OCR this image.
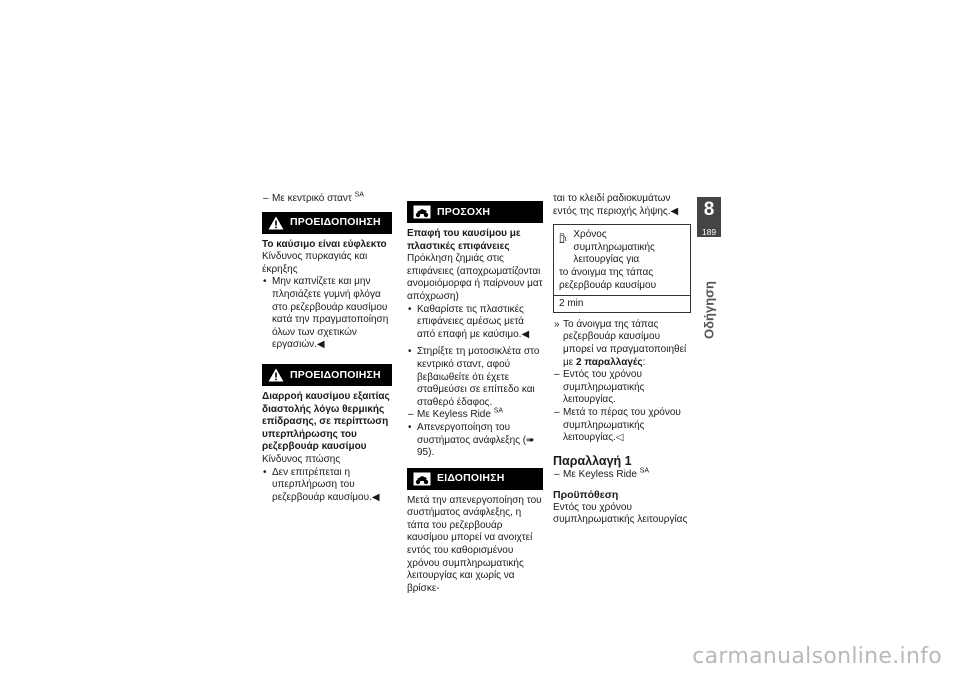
– Με κεντρικό σταντ $^{SA}$
ΠΡΟΕΙΔΟΠΟΙΗΣΗ

Το καύσιμο είναι εύφλεκτο

Κίνδυνος πυρκαγιάς και έκρηξης

• Μην καπνίζετε και μην πλησιάζετε γυμνή φλόγα στο ρεζερβουάρ καυσίμου κατά την πραγματοποίηση όλων των σχετικών εργασιών.◀
ΠΡΟΕΙΔΟΠΟΙΗΣΗ

Διαρροή καυσίμου εξαιτίας διαστολής λόγω θερμικής επίδρασης, σε περίπτωση υπερπλήρωσης του ρεζερβουάρ καυσίμου

Κίνδυνος πτώσης

• Δεν επιτρέπεται η υπερπλήρωση του ρεζερβουάρ καυσίμου.◀
ΠΡΟΣΟΧΗ

Επαφή του καυσίμου με πλαστικές επιφάνειες

Πρόκληση ζημιάς στις επιφάνειες (αποχρωματίζονται ανομοιόμορφα ή παίρνουν ματ απόχρωση)

• Καθαρίστε τις πλαστικές επιφάνειες αμέσως μετά από επαφή με καύσιμο.◀
• Στηρίξτε τη μοτοσικλέτα στο κεντρικό σταντ, αφού βεβαιωθείτε ότι έχετε σταθμεύσει σε επίπεδο και σταθερό έδαφος.
– Με Keyless Ride $^{SA}$
• Απενεργοποίηση του συστήματος ανάφλεξης (➠ 95).
ΕΙΔΟΠΟΙΗΣΗ

Μετά την απενεργοποίηση του συστήματος ανάφλεξης, η τάπα του ρεζερβουάρ καυσίμου μπορεί να ανοιχτεί εντός του καθορισμένου χρόνου συμπληρωματικής λειτουργίας και χωρίς να βρίσκε-

ται το κλειδί ραδιοκυμάτων εντός της περιοχής λήψης.◀

Χρόνος συμπληρωματικής λειτουργίας για

το άνοιγμα της τάπας ρεζερβουάρ καυσίμου

2 min
» Το άνοιγμα της τάπας ρεζερβουάρ καυσίμου μπορεί να πραγματοποιηθεί με 2 παραλλαγές:
– Εντός του χρόνου συμπληρωματικής λειτουργίας.
– Μετά το πέρας του χρόνου συμπληρωματικής λειτουργίας.◁

Παραλλαγή 1

– Με Keyless Ride $^{SA}$

Προϋπόθεση

Εντός του χρόνου συμπληρωματικής λειτουργίας

8
189
Οδήγηση
carmanualsonline.info
